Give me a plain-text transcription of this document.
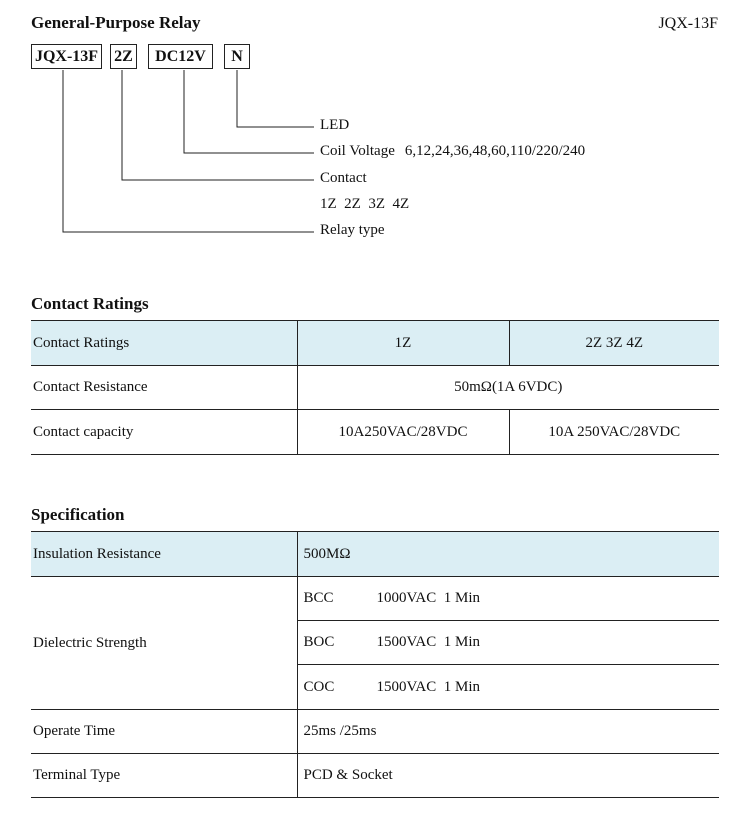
General-Purpose Relay	JQX-13F
JQX-13F 2Z	DC12V	N
LED
Coil Voltage 6,12,24,36,48,60,110/220/240
Contact
1Z  2Z  3Z  4Z
Relay type
Contact Ratings
Contact Ratings	1Z	2Z 3Z 4Z
Contact Resistance	50mΩ(1A 6VDC)	
Contact capacity	10A250VAC/28VDC	10A 250VAC/28VDC
Specification
Insulation Resistance	500MΩ
Dielectric Strength	BCC 1000VAC  1 Min
	BOC 1500VAC  1 Min
	COC 1500VAC  1 Min
Operate Time	25ms /25ms
Terminal Type	PCD & Socket
